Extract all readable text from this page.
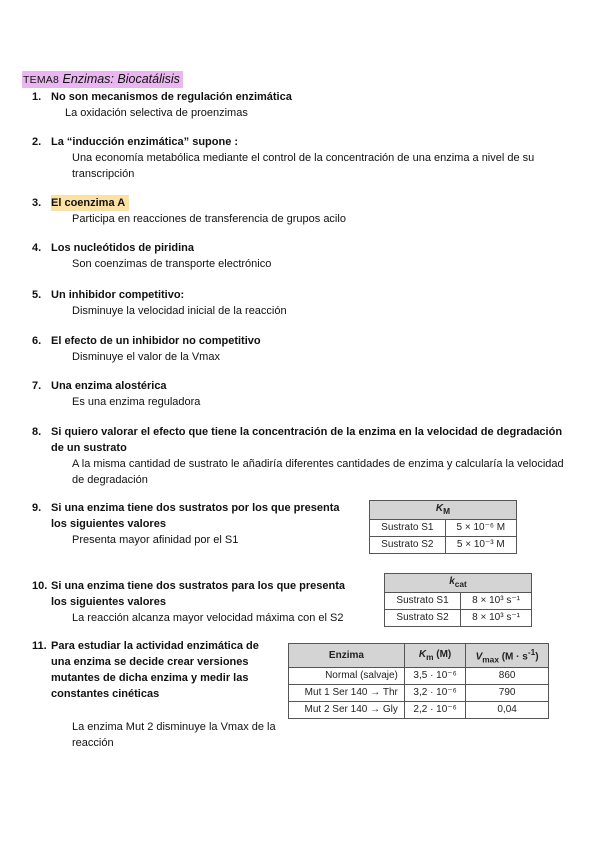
TEMA8 Enzimas: Biocatálisis
1. No son mecanismos de regulación enzimática
La oxidación selectiva de proenzimas
2. La “inducción enzimática” supone :
Una economía metabólica mediante el control de la concentración de una enzima a nivel de su transcripción
3. El coenzima A
Participa en reacciones de transferencia de grupos acilo
4. Los nucleótidos de piridina
Son coenzimas de transporte electrónico
5. Un inhibidor competitivo:
Disminuye la velocidad inicial de la reacción
6. El efecto de un inhibidor no competitivo
Disminuye el valor de la Vmax
7. Una enzima alostérica
Es una enzima reguladora
8. Si quiero valorar el efecto que tiene la concentración de la enzima en la velocidad de degradación de un sustrato
A la misma cantidad de sustrato le añadiría diferentes cantidades de enzima y calcularía la velocidad de degradación
9. Si una enzima tiene dos sustratos por los que presenta los siguientes valores
Presenta mayor afinidad por el S1
$K_M$
Sustrato S1	5 × 10⁻⁶ M
Sustrato S2	5 × 10⁻³ M
10. Si una enzima tiene dos sustratos para los que presenta los siguientes valores
La reacción alcanza mayor velocidad máxima con el S2
$k_{cat}$
Sustrato S1	8 × 10³ s⁻¹
Sustrato S2	8 × 10³ s⁻¹
11. Para estudiar la actividad enzimática de una enzima se decide crear versiones mutantes de dicha enzima y medir las constantes cinéticas
La enzima Mut 2 disminuye la Vmax de la reacción
Enzima	$K_m$ (M)	$V_{max}$ $(M \cdot s^{-1})$
Normal (salvaje)	3,5 · 10⁻⁶	860
Mut 1 Ser 140 → Thr	3,2 · 10⁻⁶	790
Mut 2 Ser 140 → Gly	2,2 · 10⁻⁶	0,04
